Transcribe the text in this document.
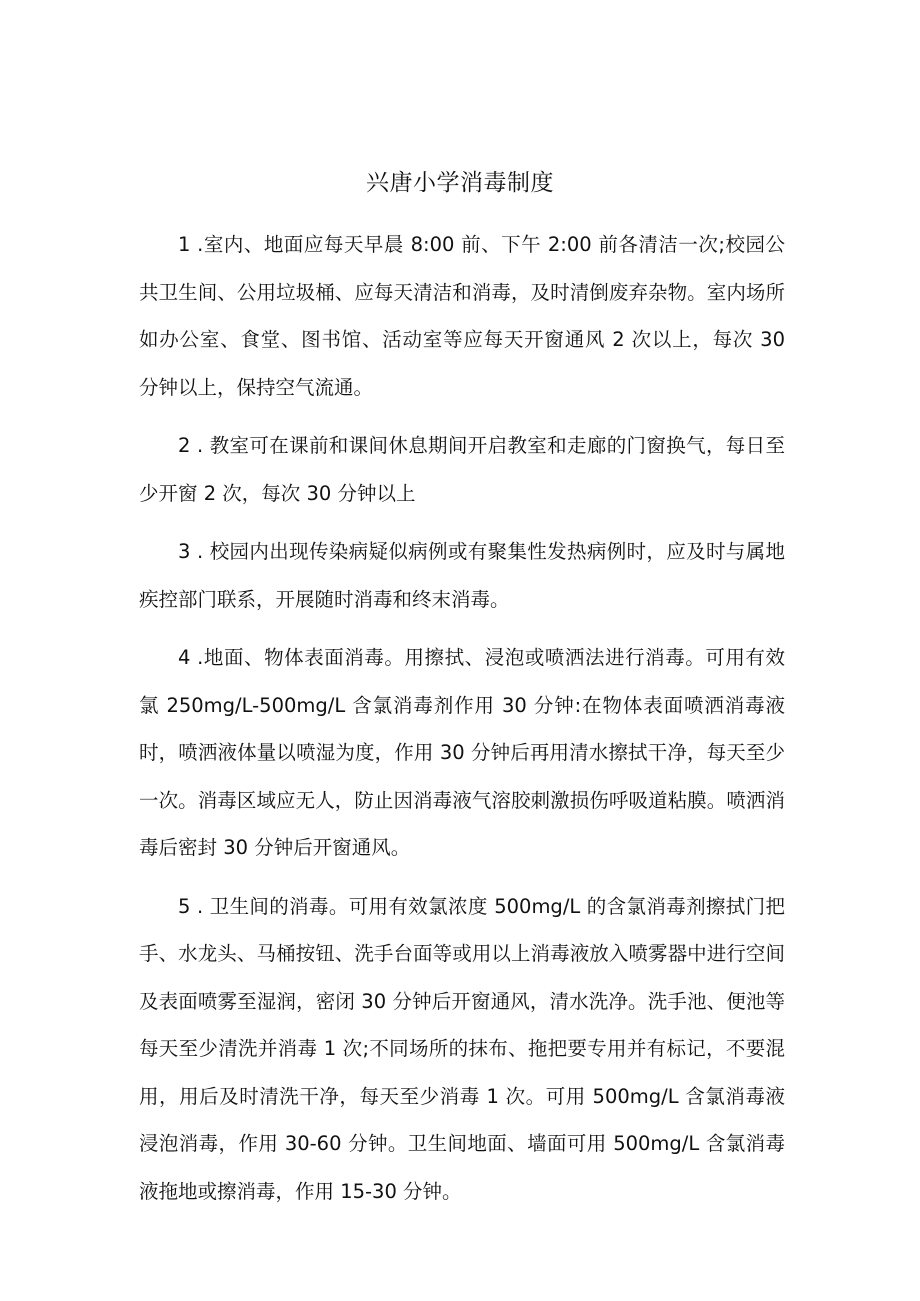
兴唐小学消毒制度

1 .室内、地面应每天早晨 8:00 前、下午 2:00 前各清洁一次;校园公共卫生间、公用垃圾桶、应每天清洁和消毒，及时清倒废弃杂物。室内场所如办公室、食堂、图书馆、活动室等应每天开窗通风 2 次以上，每次 30 分钟以上，保持空气流通。

2 . 教室可在课前和课间休息期间开启教室和走廊的门窗换气，每日至少开窗 2 次，每次 30 分钟以上

3 . 校园内出现传染病疑似病例或有聚集性发热病例时，应及时与属地疾控部门联系，开展随时消毒和终末消毒。

4 .地面、物体表面消毒。用擦拭、浸泡或喷洒法进行消毒。可用有效氯 250mg/L-500mg/L 含氯消毒剂作用 30 分钟:在物体表面喷洒消毒液时，喷洒液体量以喷湿为度，作用 30 分钟后再用清水擦拭干净，每天至少一次。消毒区域应无人，防止因消毒液气溶胶刺激损伤呼吸道粘膜。喷洒消毒后密封 30 分钟后开窗通风。

5 . 卫生间的消毒。可用有效氯浓度 500mg/L 的含氯消毒剂擦拭门把手、水龙头、马桶按钮、洗手台面等或用以上消毒液放入喷雾器中进行空间及表面喷雾至湿润，密闭 30 分钟后开窗通风，清水洗净。洗手池、便池等每天至少清洗并消毒 1 次;不同场所的抹布、拖把要专用并有标记，不要混用，用后及时清洗干净，每天至少消毒 1 次。可用 500mg/L 含氯消毒液浸泡消毒，作用 30-60 分钟。卫生间地面、墙面可用 500mg/L 含氯消毒液拖地或擦消毒，作用 15-30 分钟。
